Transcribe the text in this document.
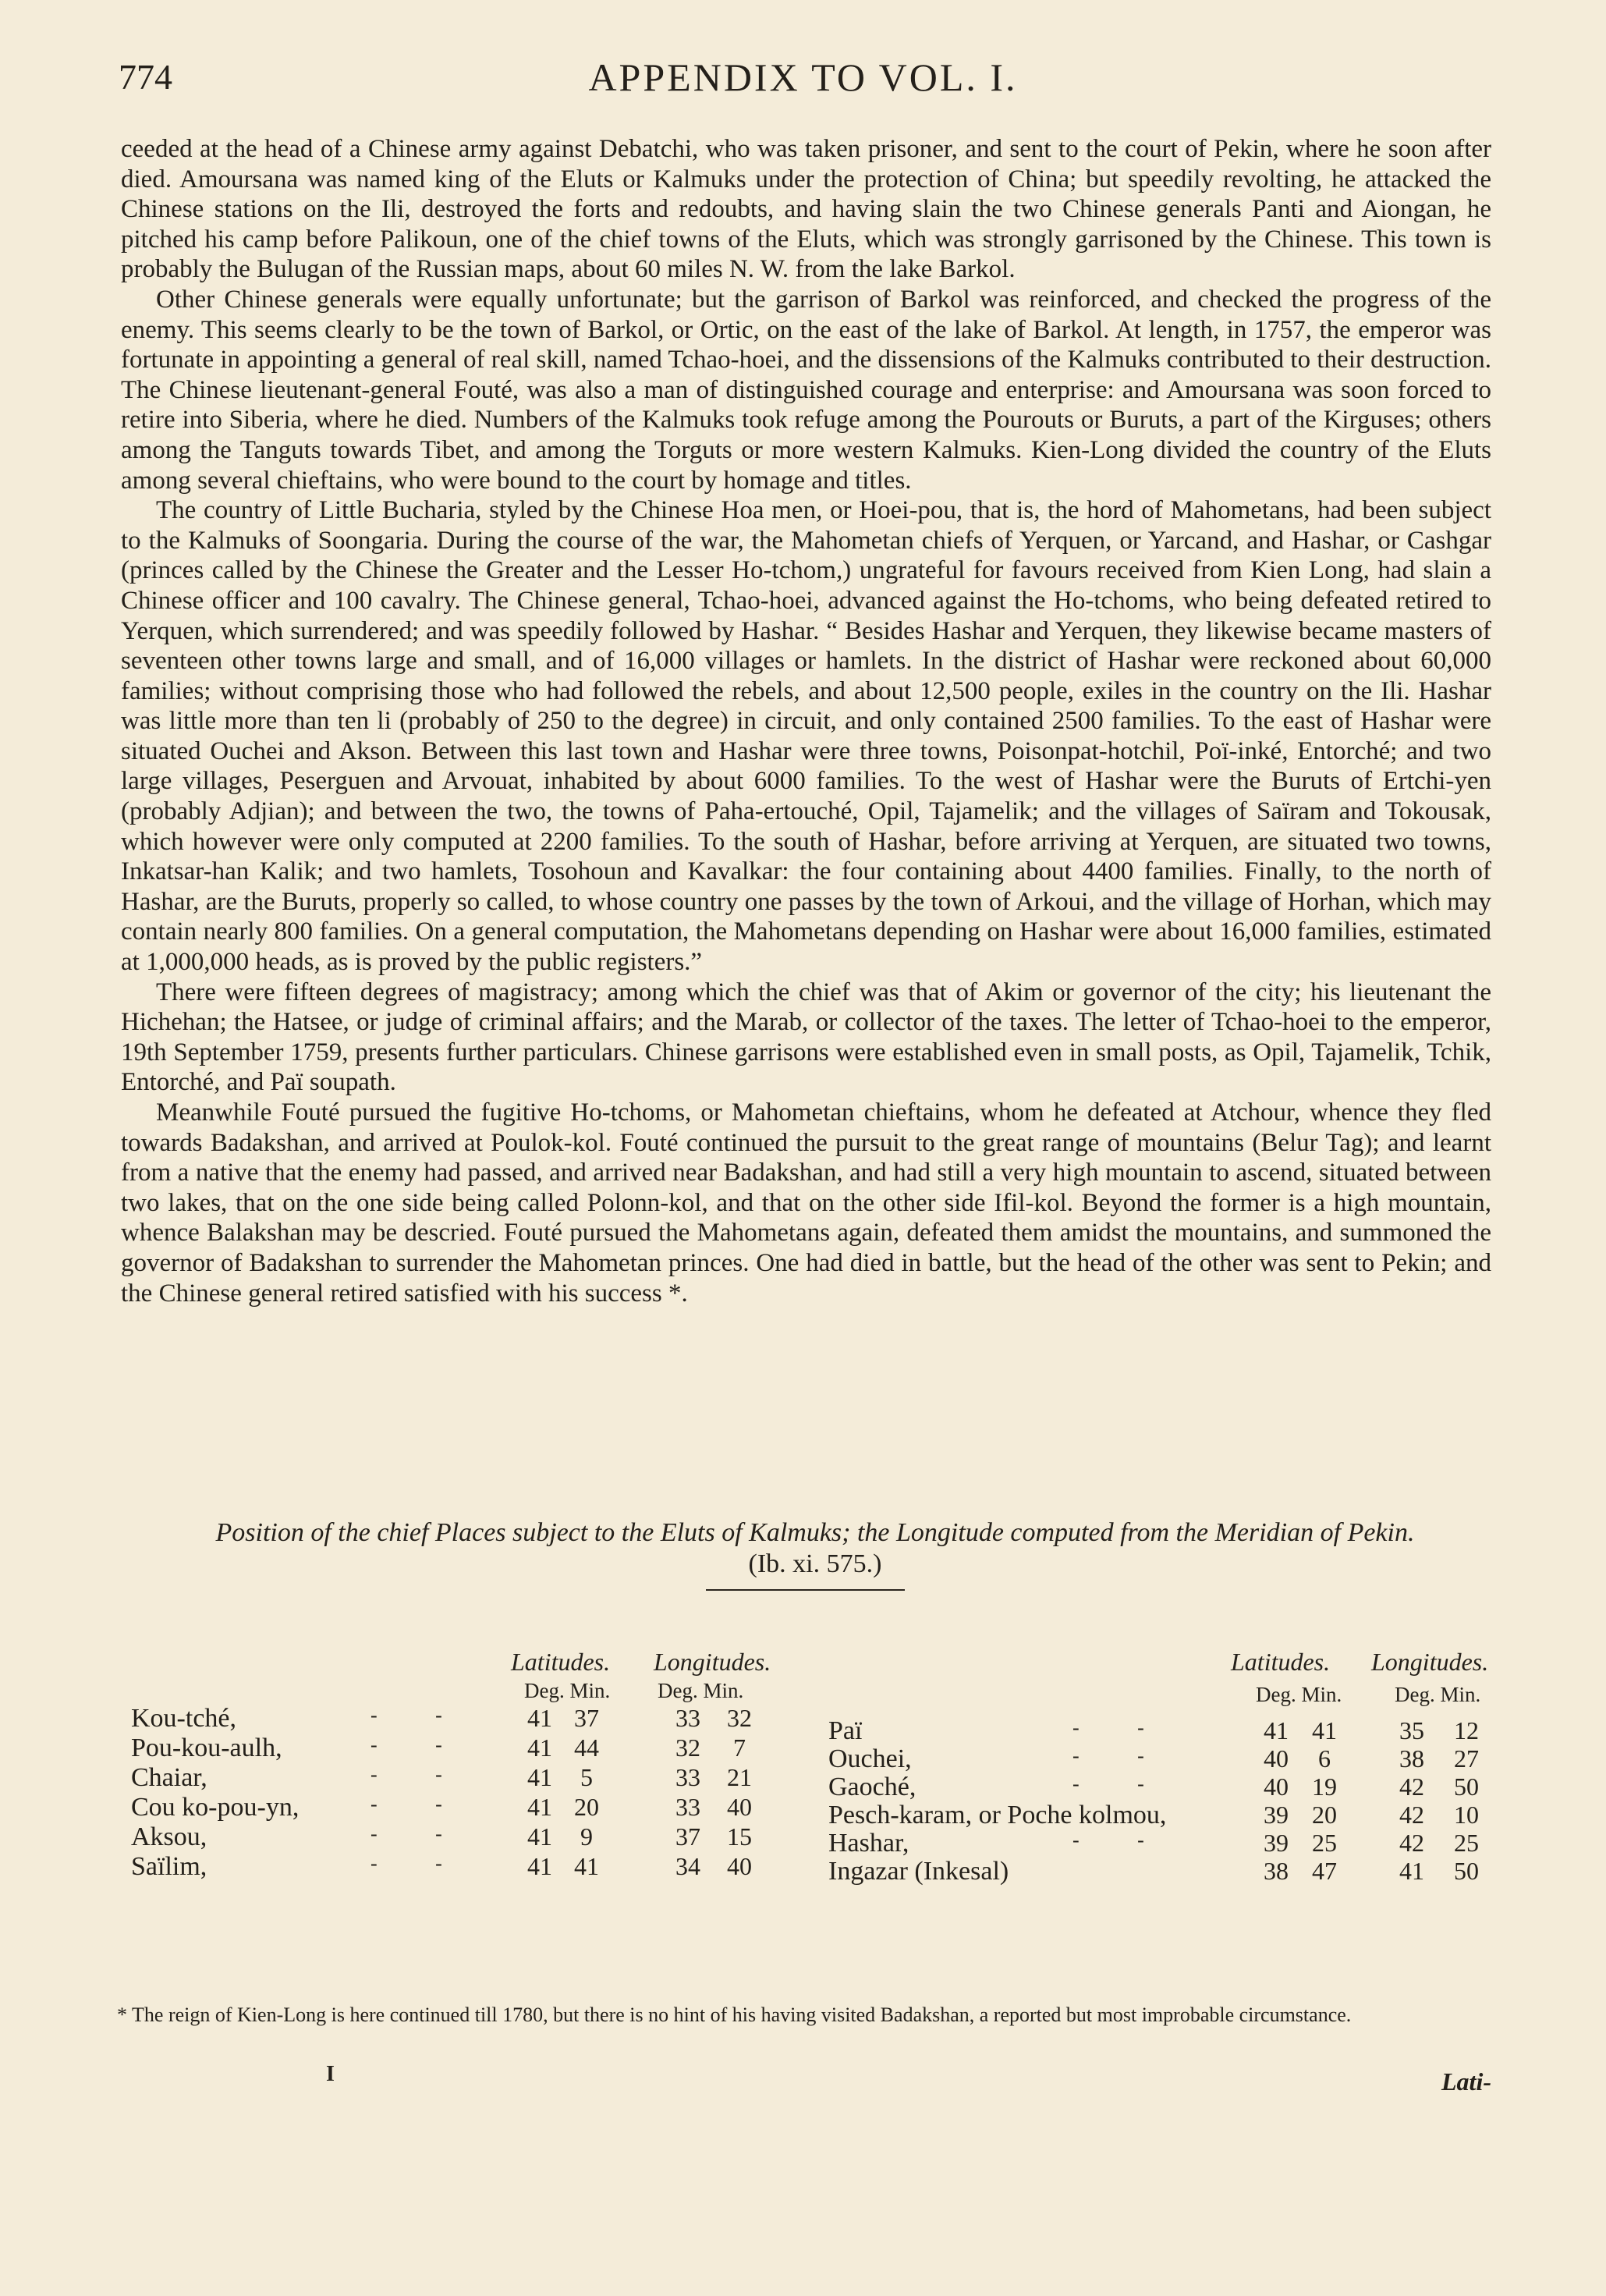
774	APPENDIX TO VOL. I.

ceeded at the head of a Chinese army against Debatchi, who was taken prisoner, and sent to the court of Pekin, where he soon after died. Amoursana was named king of the Eluts or Kalmuks under the protection of China; but speedily revolting, he attacked the Chinese stations on the Ili, destroyed the forts and redoubts, and having slain the two Chinese generals Panti and Aiongan, he pitched his camp before Palikoun, one of the chief towns of the Eluts, which was strongly garrisoned by the Chinese. This town is probably the Bulugan of the Russian maps, about 60 miles N. W. from the lake Barkol.

Other Chinese generals were equally unfortunate; but the garrison of Barkol was reinforced, and checked the progress of the enemy. This seems clearly to be the town of Barkol, or Ortic, on the east of the lake of Barkol. At length, in 1757, the emperor was fortunate in appointing a general of real skill, named Tchao-hoei, and the dissensions of the Kalmuks contributed to their destruction. The Chinese lieutenant-general Fouté, was also a man of distinguished courage and enterprise: and Amoursana was soon forced to retire into Siberia, where he died. Numbers of the Kalmuks took refuge among the Pourouts or Buruts, a part of the Kirguses; others among the Tanguts towards Tibet, and among the Torguts or more western Kalmuks. Kien-Long divided the country of the Eluts among several chieftains, who were bound to the court by homage and titles.

The country of Little Bucharia, styled by the Chinese Hoa men, or Hoei-pou, that is, the hord of Mahometans, had been subject to the Kalmuks of Soongaria. During the course of the war, the Mahometan chiefs of Yerquen, or Yarcand, and Hashar, or Cashgar (princes called by the Chinese the Greater and the Lesser Ho-tchom,) ungrateful for favours received from Kien Long, had slain a Chinese officer and 100 cavalry. The Chinese general, Tchao-hoei, advanced against the Ho-tchoms, who being defeated retired to Yerquen, which surrendered; and was speedily followed by Hashar. “ Besides Hashar and Yerquen, they likewise became masters of seventeen other towns large and small, and of 16,000 villages or hamlets. In the district of Hashar were reckoned about 60,000 families; without comprising those who had followed the rebels, and about 12,500 people, exiles in the country on the Ili. Hashar was little more than ten li (probably of 250 to the degree) in circuit, and only contained 2500 families. To the east of Hashar were situated Ouchei and Akson. Between this last town and Hashar were three towns, Poisonpat-hotchil, Poï-inké, Entorché; and two large villages, Peserguen and Arvouat, inhabited by about 6000 families. To the west of Hashar were the Buruts of Ertchi-yen (probably Adjian); and between the two, the towns of Paha-ertouché, Opil, Tajamelik; and the villages of Saïram and Tokousak, which however were only computed at 2200 families. To the south of Hashar, before arriving at Yerquen, are situated two towns, Inkatsar-han Kalik; and two hamlets, Tosohoun and Kavalkar: the four containing about 4400 families. Finally, to the north of Hashar, are the Buruts, properly so called, to whose country one passes by the town of Arkoui, and the village of Horhan, which may contain nearly 800 families. On a general computation, the Mahometans depending on Hashar were about 16,000 families, estimated at 1,000,000 heads, as is proved by the public registers.”

There were fifteen degrees of magistracy; among which the chief was that of Akim or governor of the city; his lieutenant the Hichehan; the Hatsee, or judge of criminal affairs; and the Marab, or collector of the taxes. The letter of Tchao-hoei to the emperor, 19th September 1759, presents further particulars. Chinese garrisons were established even in small posts, as Opil, Tajamelik, Tchik, Entorché, and Paï soupath.

Meanwhile Fouté pursued the fugitive Ho-tchoms, or Mahometan chieftains, whom he defeated at Atchour, whence they fled towards Badakshan, and arrived at Poulok-kol. Fouté continued the pursuit to the great range of mountains (Belur Tag); and learnt from a native that the enemy had passed, and arrived near Badakshan, and had still a very high mountain to ascend, situated between two lakes, that on the one side being called Polonn-kol, and that on the other side Ifil-kol. Beyond the former is a high mountain, whence Balakshan may be descried. Fouté pursued the Mahometans again, defeated them amidst the mountains, and summoned the governor of Badakshan to surrender the Mahometan princes. One had died in battle, but the head of the other was sent to Pekin; and the Chinese general retired satisfied with his success *.

Position of the chief Places subject to the Eluts of Kalmuks; the Longitude computed from the Meridian of Pekin.
(Ib. xi. 575.)
Latitudes. Longitudes.
Deg. Min. Deg. Min.
Latitudes. Longitudes.
Deg. Min.	Deg. Min.
Kou-tché,	- -	41 37	33	32
Pou-kou-aulh,	- -	41 44	32	7
Chaiar,	- -	41	5	33	21
Cou ko-pou-yn,	- -	41 20	33	40
Aksou,	- -	41	9	37	15
Saïlim,	- -	41 41	34	40
Paï	- -	41 41	35	12
Ouchei,	- -	40	6	38	27
Gaoché,	- -	40 19	42	50
Pesch-karam, or Poche kolmou,	39 20	42	10
Hashar,	- -	39 25	42	25
Ingazar (Inkesal)	38 47	41	50
* The reign of Kien-Long is here continued till 1780, but there is no hint of his having visited Badakshan, a reported but most improbable circumstance.
I	Lati-
